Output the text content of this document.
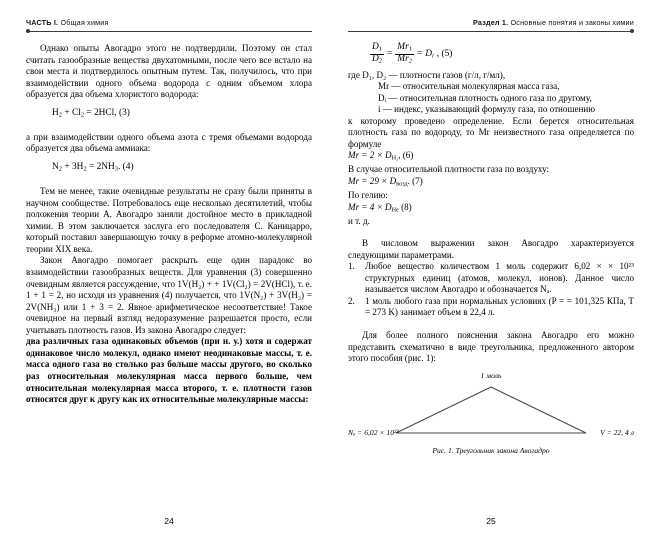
ЧАСТЬ I. Общая химия

Однако опыты Авогадро этого не подтвердили. Поэтому он стал считать газообразные вещества двухатомными, после чего все встало на свои места и подтвердилось опытным путем. Так, получилось, что при взаимодействии одного объема водорода с одним объемом хлора образуется два объема хлористого водорода:

$H_2 + Cl_2 = 2HCl$, (3)

а при взаимодействии одного объема азота с тремя объемами водорода образуется два объема аммиака:

$N_2 + 3H_2 = 2NH_3$. (4)

Тем не менее, такие очевидные результаты не сразу были приняты в научном сообществе. Потребовалось еще несколько десятилетий, чтобы положения теории А. Авогадро заняли достойное место в прикладной химии. В этом заключается заслуга его последователя С. Каницарро, который поставил завершающую точку в реформе атомно-молекулярной теории XIX века.

Закон Авогадро помогает раскрыть еще один парадокс во взаимодействии газообразных веществ. Для уравнения (3) совершенно очевидным является рассуждение, что 1V(H₂) + + 1V(Cl₂) = 2V(HCl), т. е. 1 + 1 = 2, но исходя из уравнения (4) получается, что 1V(N₂) + 3V(H₂) = 2V(NH₃) или 1 + 3 = 2. Явное арифметическое несоответствие! Такое очевидное на первый взгляд недоразумение разрешается просто, если учитывать плотность газов. Из закона Авогадро следует:

два различных газа одинаковых объемов (при н. у.) хотя и содержат одинаковое число молекул, однако имеют неодинаковые массы, т. е. масса одного газа во столько раз больше массы другого, во сколько раз относительная молекулярная масса первого больше, чем относительная молекулярная масса второго, т. е. плотности газов относятся друг к другу как их относительные молекулярные массы:

24
Раздел 1. Основные понятия и законы химии
$\frac{D_1}{D_2} = \frac{Mr_1}{Mr_2} = D_i$ , (5)
где D₁, D₂ — плотности газов (г/л, г/мл),
Mr — относительная молекулярная масса газа,
Dᵢ — относительная плотность одного газа по другому,
i — индекс, указывающий формулу газа, по отношению

к которому проведено определение. Если берется относительная плотность газа по водороду, то Mr неизвестного газа определяется по формуле

$Mr = 2 \times D_{H_2}$, (6)

В случае относительной плотности газа по воздуху:

$Mr = 29 \times D_{возд}$. (7)

По гелию:

$Mr = 4 \times D_{He}$ (8)

и т. д.

В числовом выражении закон Авогадро характеризуется следующими параметрами.

1. Любое вещество количеством 1 моль содержит 6,02 × × 10²³ структурных единиц (атомов, молекул, ионов). Данное число называется числом Авогадро и обозначается Nₐ.
2. 1 моль любого газа при нормальных условиях (P = = 101,325 КПа, T = 273 K) занимает объем в 22,4 л.

Для более полного пояснения закона Авогадро его можно представить схематично в виде треугольника, предложенного автором этого пособия (рис. 1):

1 моль
Nₐ = 6,02 × 10²³	V = 22, 4 л
Рис. 1. Треугольник закона Авогадро
25
